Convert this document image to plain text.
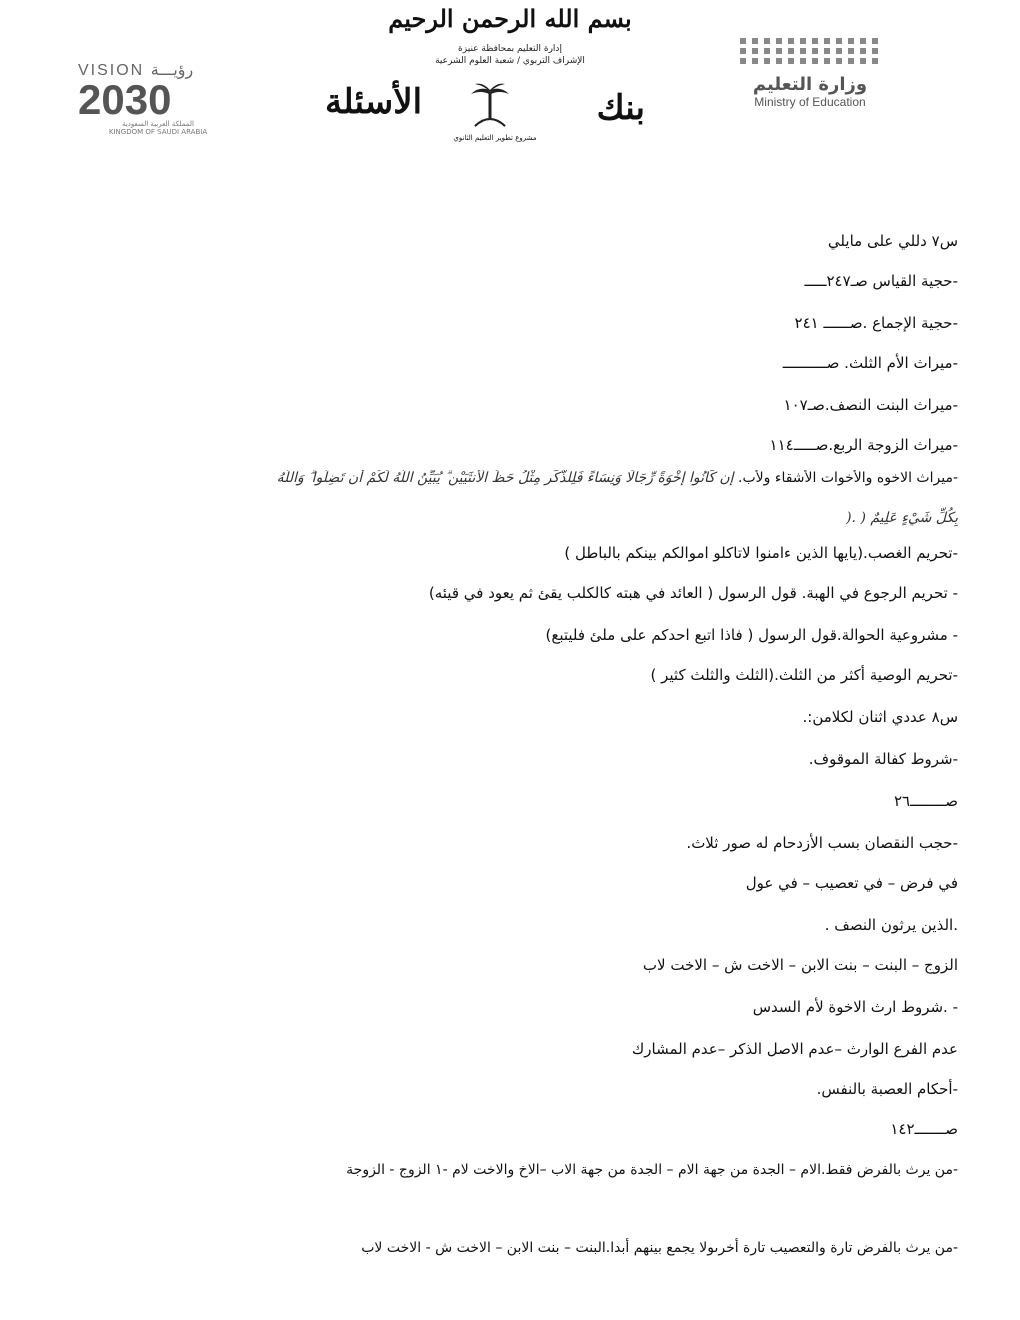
بسم الله الرحمن الرحيم
إدارة التعليم بمحافظة عنيزة
الإشراف التربوي / شعبة العلوم الشرعية
VISION رؤيـــة
2030
المملكة العربية السعودية
KINGDOM OF SAUDI ARABIA
الأسئلة	بنك
مشروع تطوير التعليم الثانوي
وزارة التعليم
Ministry of Education
س٧ دللي على مايلي
-حجية القياس صـ٢٤٧ـــــ
-حجية الإجماع .صــــــ ٢٤١
-ميراث الأم الثلث. صــــــــــ
-ميراث البنت النصف.صـ١٠٧
-ميراث الزوجة الربع.صـــــ١١٤
-ميراث الاخوه والأخوات الأشقاء ولأب. إِن كَانُوا إِخْوَةً رِّجَالًا وَنِسَاءً فَلِلذَّكَرِ مِثْلُ حَظِّ الْأُنثَيَيْنِ ۗ يُبَيِّنُ اللَّهُ لَكُمْ أَن تَضِلُّوا ۗ وَاللَّهُ
بِكُلِّ شَيْءٍ عَلِيمٌ ( .(
-تحريم الغصب.(يايها الذين ءامنوا لاتاكلو اموالكم بينكم بالباطل )
- تحريم الرجوع في الهبة. قول الرسول ( العائد في هبته كالكلب يقئ ثم يعود في قيئه)
- مشروعية الحوالة.قول الرسول ( فاذا اتبع احدكم على ملئ فليتبع)
-تحريم الوصية أكثر من الثلث.(الثلث والثلث كثير )
س٨ عددي اثنان لكلامن:.
-شروط كفالة الموقوف.
صــــــــ٢٦
-حجب النقصان بسب الأزدحام له صور ثلاث.
في فرض – في تعصيب – في عول
.الذين يرثون النصف .
الزوج – البنت – بنت الابن – الاخت ش – الاخت لاب
- .شروط ارث الاخوة لأم السدس
عدم الفرع الوارث –عدم الاصل الذكر –عدم المشارك
-أحكام العصبة بالنفس.
صـــــــ١٤٢
-من يرث بالفرض فقط.الام – الجدة من جهة الام – الجدة من جهة الاب –الاخ والاخت لام -١ الزوج - الزوجة
-من يرث بالفرض تارة والتعصيب تارة أخرىولا يجمع بينهم أبدا.البنت – بنت الابن – الاخت ش - الاخت لاب
